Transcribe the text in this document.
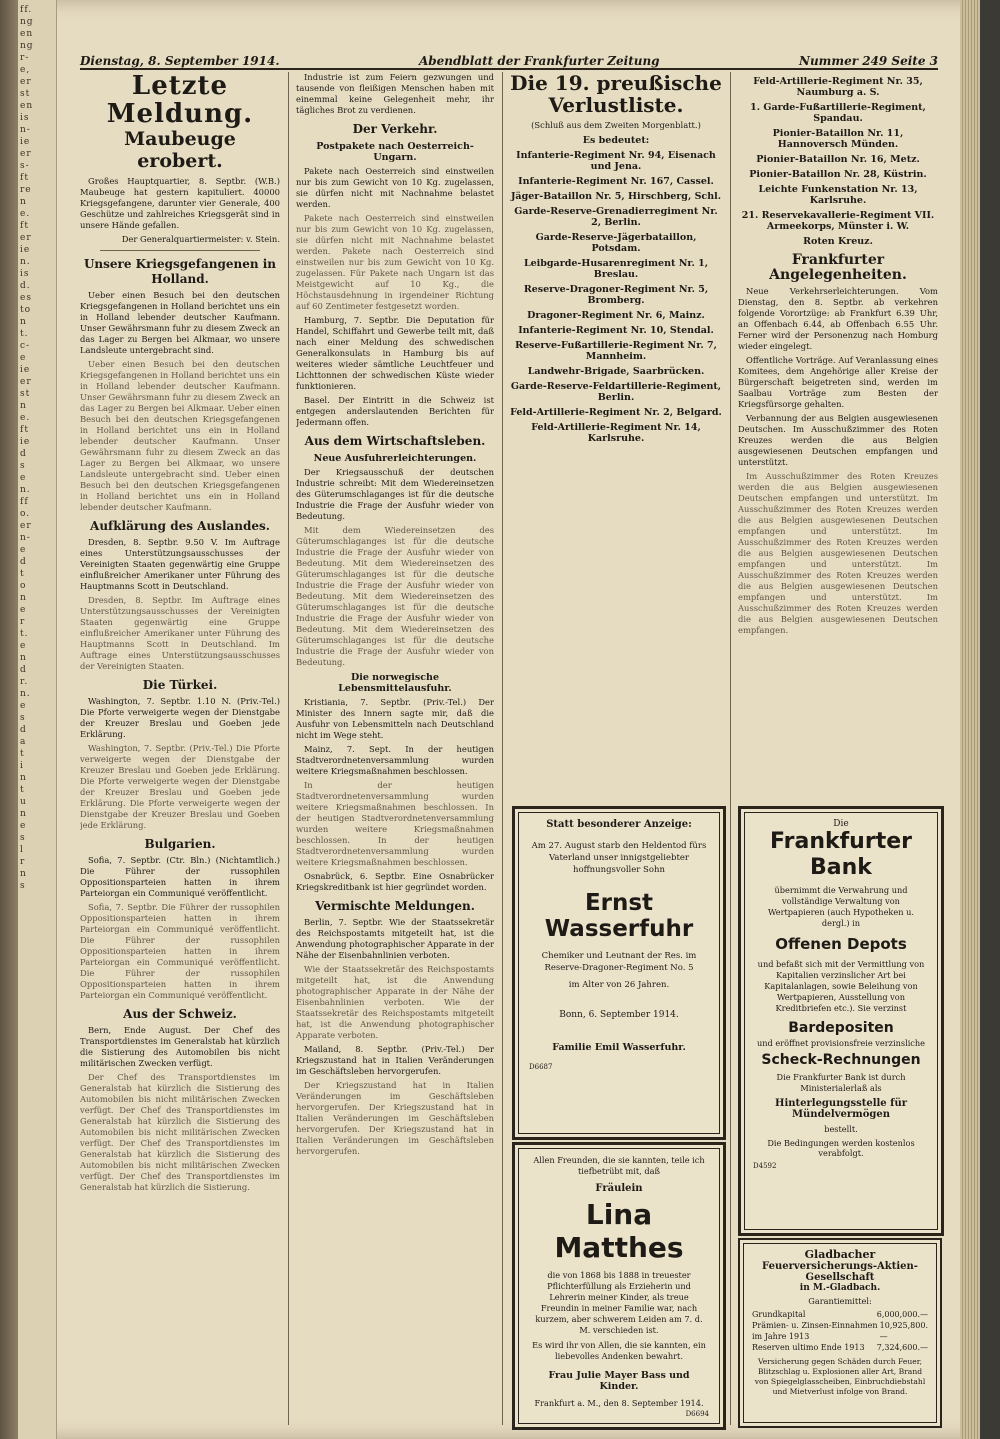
ff.
ng
en
ng
r-
e,
er
st
en
is
n-
ie
er
s-
ft
re
n
e.
ft
er
ie
n.
is
d.
es
to
n
t.
c-
e
ie
er
st
n
e.
ft
ie
d
s
e
n.
ff
o.
er
n-
e
d
t
o
n
e
r
t.
e
n
d
r.
n.
e
s
d
a
t
i
n
t
u
n
e
s
l
r
n
s
Dienstag, 8. September 1914.	Abendblatt der Frankfurter Zeitung	Nummer 249 Seite 3
Letzte Meldung.
Maubeuge erobert.

Großes Hauptquartier, 8. Septbr. (W.B.) Maubeuge hat gestern kapituliert. 40000 Kriegsgefangene, darunter vier Generale, 400 Geschütze und zahlreiches Kriegsgerät sind in unsere Hände gefallen.

Der Generalquartiermeister: v. Stein.
Unsere Kriegsgefangenen in Holland.

Ueber einen Besuch bei den deutschen Kriegsgefangenen in Holland berichtet uns ein in Holland lebender deutscher Kaufmann. Unser Gewährsmann fuhr zu diesem Zweck an das Lager zu Bergen bei Alkmaar, wo unsere Landsleute untergebracht sind.

Ueber einen Besuch bei den deutschen Kriegsgefangenen in Holland berichtet uns ein in Holland lebender deutscher Kaufmann. Unser Gewährsmann fuhr zu diesem Zweck an das Lager zu Bergen bei Alkmaar. Ueber einen Besuch bei den deutschen Kriegsgefangenen in Holland berichtet uns ein in Holland lebender deutscher Kaufmann. Unser Gewährsmann fuhr zu diesem Zweck an das Lager zu Bergen bei Alkmaar, wo unsere Landsleute untergebracht sind. Ueber einen Besuch bei den deutschen Kriegsgefangenen in Holland berichtet uns ein in Holland lebender deutscher Kaufmann.

Aufklärung des Auslandes.

Dresden, 8. Septbr. 9.50 V. Im Auftrage eines Unterstützungsausschusses der Vereinigten Staaten gegenwärtig eine Gruppe einflußreicher Amerikaner unter Führung des Hauptmanns Scott in Deutschland.

Dresden, 8. Septbr. Im Auftrage eines Unterstützungsausschusses der Vereinigten Staaten gegenwärtig eine Gruppe einflußreicher Amerikaner unter Führung des Hauptmanns Scott in Deutschland. Im Auftrage eines Unterstützungsausschusses der Vereinigten Staaten.

Die Türkei.

Washington, 7. Septbr. 1.10 N. (Priv.-Tel.) Die Pforte verweigerte wegen der Dienstgabe der Kreuzer Breslau und Goeben jede Erklärung.

Washington, 7. Septbr. (Priv.-Tel.) Die Pforte verweigerte wegen der Dienstgabe der Kreuzer Breslau und Goeben jede Erklärung. Die Pforte verweigerte wegen der Dienstgabe der Kreuzer Breslau und Goeben jede Erklärung. Die Pforte verweigerte wegen der Dienstgabe der Kreuzer Breslau und Goeben jede Erklärung.

Bulgarien.

Sofia, 7. Septbr. (Ctr. Bln.) (Nichtamtlich.) Die Führer der russophilen Oppositionsparteien hatten in ihrem Parteiorgan ein Communiqué veröffentlicht.

Sofia, 7. Septbr. Die Führer der russophilen Oppositionsparteien hatten in ihrem Parteiorgan ein Communiqué veröffentlicht. Die Führer der russophilen Oppositionsparteien hatten in ihrem Parteiorgan ein Communiqué veröffentlicht. Die Führer der russophilen Oppositionsparteien hatten in ihrem Parteiorgan ein Communiqué veröffentlicht.

Aus der Schweiz.

Bern, Ende August. Der Chef des Transportdienstes im Generalstab hat kürzlich die Sistierung des Automobilen bis nicht militärischen Zwecken verfügt.

Der Chef des Transportdienstes im Generalstab hat kürzlich die Sistierung des Automobilen bis nicht militärischen Zwecken verfügt. Der Chef des Transportdienstes im Generalstab hat kürzlich die Sistierung des Automobilen bis nicht militärischen Zwecken verfügt. Der Chef des Transportdienstes im Generalstab hat kürzlich die Sistierung des Automobilen bis nicht militärischen Zwecken verfügt. Der Chef des Transportdienstes im Generalstab hat kürzlich die Sistierung.

Industrie ist zum Feiern gezwungen und tausende von fleißigen Menschen haben mit einemmal keine Gelegenheit mehr, ihr tägliches Brot zu verdienen.

Der Verkehr.
Postpakete nach Oesterreich-Ungarn.

Pakete nach Oesterreich sind einstweilen nur bis zum Gewicht von 10 Kg. zugelassen, sie dürfen nicht mit Nachnahme belastet werden.

Pakete nach Oesterreich sind einstweilen nur bis zum Gewicht von 10 Kg. zugelassen, sie dürfen nicht mit Nachnahme belastet werden. Pakete nach Oesterreich sind einstweilen nur bis zum Gewicht von 10 Kg. zugelassen. Für Pakete nach Ungarn ist das Meistgewicht auf 10 Kg., die Höchstausdehnung in irgendeiner Richtung auf 60 Zentimeter festgesetzt worden.

Hamburg, 7. Septbr. Die Deputation für Handel, Schiffahrt und Gewerbe teilt mit, daß nach einer Meldung des schwedischen Generalkonsulats in Hamburg bis auf weiteres wieder sämtliche Leuchtfeuer und Lichttonnen der schwedischen Küste wieder funktionieren.

Basel. Der Eintritt in die Schweiz ist entgegen anderslautenden Berichten für Jedermann offen.

Aus dem Wirtschaftsleben.
Neue Ausfuhrerleichterungen.

Der Kriegsausschuß der deutschen Industrie schreibt: Mit dem Wiedereinsetzen des Güterumschlaganges ist für die deutsche Industrie die Frage der Ausfuhr wieder von Bedeutung.

Mit dem Wiedereinsetzen des Güterumschlaganges ist für die deutsche Industrie die Frage der Ausfuhr wieder von Bedeutung. Mit dem Wiedereinsetzen des Güterumschlaganges ist für die deutsche Industrie die Frage der Ausfuhr wieder von Bedeutung. Mit dem Wiedereinsetzen des Güterumschlaganges ist für die deutsche Industrie die Frage der Ausfuhr wieder von Bedeutung. Mit dem Wiedereinsetzen des Güterumschlaganges ist für die deutsche Industrie die Frage der Ausfuhr wieder von Bedeutung.

Die norwegische Lebensmittelausfuhr.

Kristiania, 7. Septbr. (Priv.-Tel.) Der Minister des Innern sagte mir, daß die Ausfuhr von Lebensmitteln nach Deutschland nicht im Wege steht.

Mainz, 7. Sept. In der heutigen Stadtverordnetenversammlung wurden weitere Kriegsmaßnahmen beschlossen.

In der heutigen Stadtverordnetenversammlung wurden weitere Kriegsmaßnahmen beschlossen. In der heutigen Stadtverordnetenversammlung wurden weitere Kriegsmaßnahmen beschlossen. In der heutigen Stadtverordnetenversammlung wurden weitere Kriegsmaßnahmen beschlossen.

Osnabrück, 6. Septbr. Eine Osnabrücker Kriegskreditbank ist hier gegründet worden.

Vermischte Meldungen.

Berlin, 7. Septbr. Wie der Staatssekretär des Reichspostamts mitgeteilt hat, ist die Anwendung photographischer Apparate in der Nähe der Eisenbahnlinien verboten.

Wie der Staatssekretär des Reichspostamts mitgeteilt hat, ist die Anwendung photographischer Apparate in der Nähe der Eisenbahnlinien verboten. Wie der Staatssekretär des Reichspostamts mitgeteilt hat, ist die Anwendung photographischer Apparate verboten.

Mailand, 8. Septbr. (Priv.-Tel.) Der Kriegszustand hat in Italien Veränderungen im Geschäftsleben hervorgerufen.

Der Kriegszustand hat in Italien Veränderungen im Geschäftsleben hervorgerufen. Der Kriegszustand hat in Italien Veränderungen im Geschäftsleben hervorgerufen. Der Kriegszustand hat in Italien Veränderungen im Geschäftsleben hervorgerufen.

Die 19. preußische Verlustliste.
(Schluß aus dem Zweiten Morgenblatt.)
Es bedeutet:
Infanterie-Regiment Nr. 94, Eisenach und Jena.

Infanterie-Regiment Nr. 167, Cassel.

Jäger-Bataillon Nr. 5, Hirschberg, Schl.

Garde-Reserve-Grenadierregiment Nr. 2, Berlin.

Garde-Reserve-Jägerbataillon, Potsdam.

Leibgarde-Husarenregiment Nr. 1, Breslau.

Reserve-Dragoner-Regiment Nr. 5, Bromberg.

Dragoner-Regiment Nr. 6, Mainz.

Infanterie-Regiment Nr. 10, Stendal.

Reserve-Fußartillerie-Regiment Nr. 7, Mannheim.

Landwehr-Brigade, Saarbrücken.

Garde-Reserve-Feldartillerie-Regiment, Berlin.

Feld-Artillerie-Regiment Nr. 2, Belgard.

Feld-Artillerie-Regiment Nr. 14, Karlsruhe.

Statt besonderer Anzeige:
Am 27. August starb den Heldentod fürs Vaterland unser innigstgeliebter hoffnungsvoller Sohn
Ernst Wasserfuhr
Chemiker und Leutnant der Res. im Reserve-Dragoner-Regiment No. 5
im Alter von 26 Jahren.
Bonn, 6. September 1914.
Familie Emil Wasserfuhr.
D6687
Allen Freunden, die sie kannten, teile ich tiefbetrübt mit, daß
Fräulein
Lina Matthes
die von 1868 bis 1888 in treuester Pflichterfüllung als Erzieherin und Lehrerin meiner Kinder, als treue Freundin in meiner Familie war, nach kurzem, aber schwerem Leiden am 7. d. M. verschieden ist.
Es wird ihr von Allen, die sie kannten, ein liebevolles Andenken bewahrt.
Frau Julie Mayer Bass und Kinder.
Frankfurt a. M., den 8. September 1914.
D6694
Feld-Artillerie-Regiment Nr. 35, Naumburg a. S.
1. Garde-Fußartillerie-Regiment, Spandau.
Pionier-Bataillon Nr. 11, Hannoversch Münden.
Pionier-Bataillon Nr. 16, Metz.
Pionier-Bataillon Nr. 28, Küstrin.
Leichte Funkenstation Nr. 13, Karlsruhe.
21. Reservekavallerie-Regiment VII. Armeekorps, Münster i. W.
Roten Kreuz.
Frankfurter Angelegenheiten.

Neue Verkehrserleichterungen. Vom Dienstag, den 8. Septbr. ab verkehren folgende Vorortzüge: ab Frankfurt 6.39 Uhr, an Offenbach 6.44, ab Offenbach 6.55 Uhr. Ferner wird der Personenzug nach Homburg wieder eingelegt.

Offentliche Vorträge. Auf Veranlassung eines Komitees, dem Angehörige aller Kreise der Bürgerschaft beigetreten sind, werden im Saalbau Vorträge zum Besten der Kriegsfürsorge gehalten.

Verbannung der aus Belgien ausgewiesenen Deutschen. Im Ausschußzimmer des Roten Kreuzes werden die aus Belgien ausgewiesenen Deutschen empfangen und unterstützt.

Im Ausschußzimmer des Roten Kreuzes werden die aus Belgien ausgewiesenen Deutschen empfangen und unterstützt. Im Ausschußzimmer des Roten Kreuzes werden die aus Belgien ausgewiesenen Deutschen empfangen und unterstützt. Im Ausschußzimmer des Roten Kreuzes werden die aus Belgien ausgewiesenen Deutschen empfangen und unterstützt. Im Ausschußzimmer des Roten Kreuzes werden die aus Belgien ausgewiesenen Deutschen empfangen und unterstützt. Im Ausschußzimmer des Roten Kreuzes werden die aus Belgien ausgewiesenen Deutschen empfangen.

Die
Frankfurter Bank
übernimmt die Verwahrung und vollständige Verwaltung von Wertpapieren (auch Hypotheken u. dergl.) in
Offenen Depots
und befaßt sich mit der Vermittlung von Kapitalien verzinslicher Art bei Kapitalanlagen, sowie Beleihung von Wertpapieren, Ausstellung von Kreditbriefen etc.). Sie verzinst
Bardepositen
und eröffnet provisionsfreie verzinsliche
Scheck-Rechnungen
Die Frankfurter Bank ist durch Ministerialerlaß als
Hinterlegungsstelle für Mündelvermögen
bestellt.
Die Bedingungen werden kostenlos verabfolgt.
D4592
Gladbacher
Feuerversicherungs-Aktien-Gesellschaft
in M.-Gladbach.
Garantiemittel:
Grundkapital	6,000,000.—
Prämien- u. Zinsen-Einnahmen im Jahre 1913
10,925,800.—
Reserven ultimo Ende 1913 7,324,600.—
Versicherung gegen Schäden durch Feuer, Blitzschlag u. Explosionen aller Art, Brand von Spiegelglasscheiben, Einbruchdiebstahl und Mietverlust infolge von Brand.
